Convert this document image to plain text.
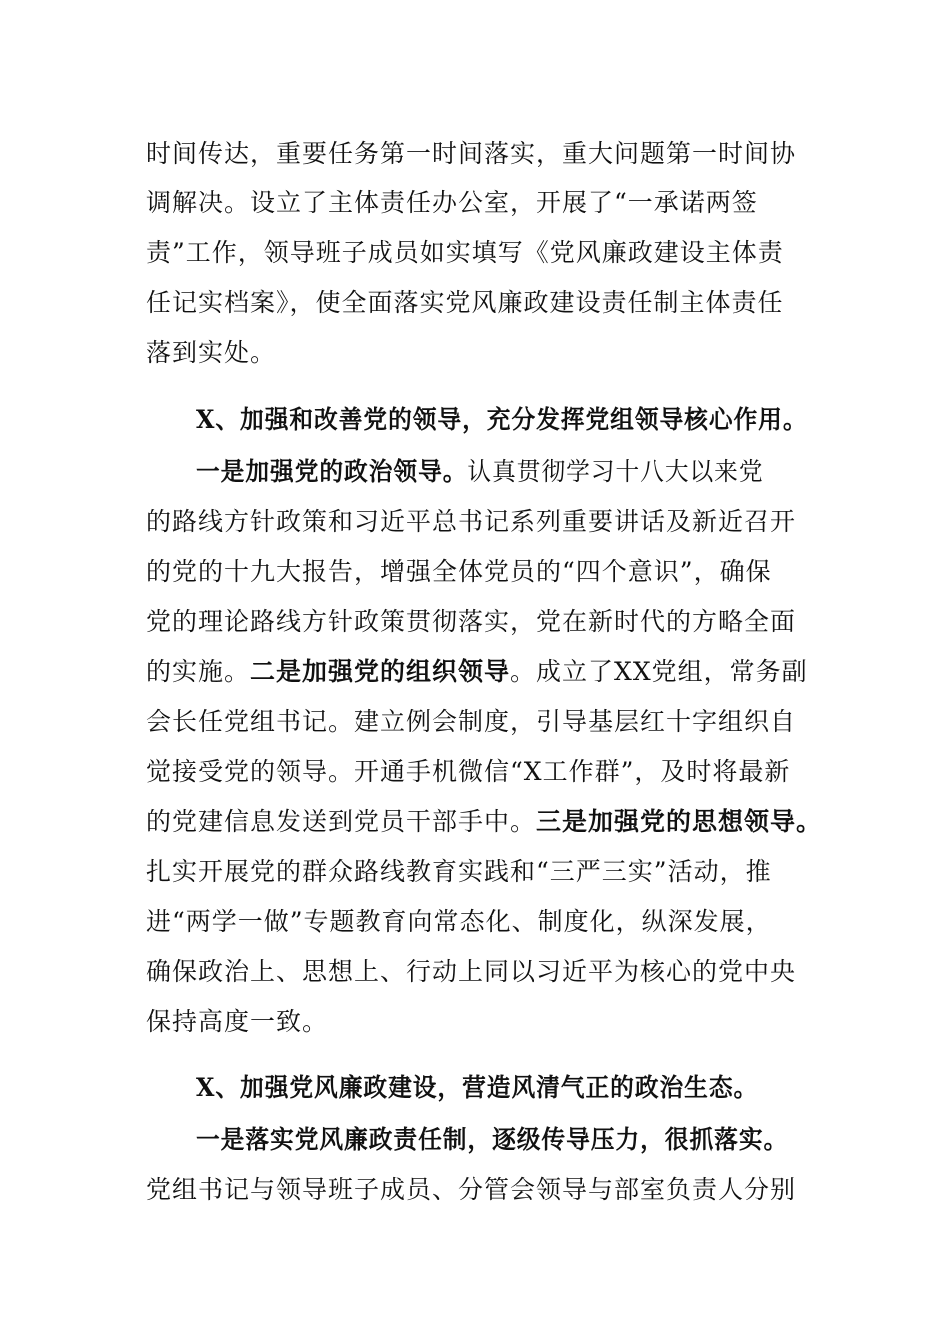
时间传达，重要任务第一时间落实，重大问题第一时间协
调解决。设立了主体责任办公室，开展了“一承诺两签
责”工作，领导班子成员如实填写《党风廉政建设主体责
任记实档案》，使全面落实党风廉政建设责任制主体责任
落到实处。
X、加强和改善党的领导，充分发挥党组领导核心作用。
一是加强党的政治领导。认真贯彻学习十八大以来党
的路线方针政策和习近平总书记系列重要讲话及新近召开
的党的十九大报告，增强全体党员的“四个意识”，确保
党的理论路线方针政策贯彻落实，党在新时代的方略全面
的实施。二是加强党的组织领导。成立了XX党组，常务副
会长任党组书记。建立例会制度，引导基层红十字组织自
觉接受党的领导。开通手机微信“X工作群”，及时将最新
的党建信息发送到党员干部手中。三是加强党的思想领导。
扎实开展党的群众路线教育实践和“三严三实”活动，推
进“两学一做”专题教育向常态化、制度化，纵深发展，
确保政治上、思想上、行动上同以习近平为核心的党中央
保持高度一致。
X、加强党风廉政建设，营造风清气正的政治生态。
一是落实党风廉政责任制，逐级传导压力，很抓落实。
党组书记与领导班子成员、分管会领导与部室负责人分别
